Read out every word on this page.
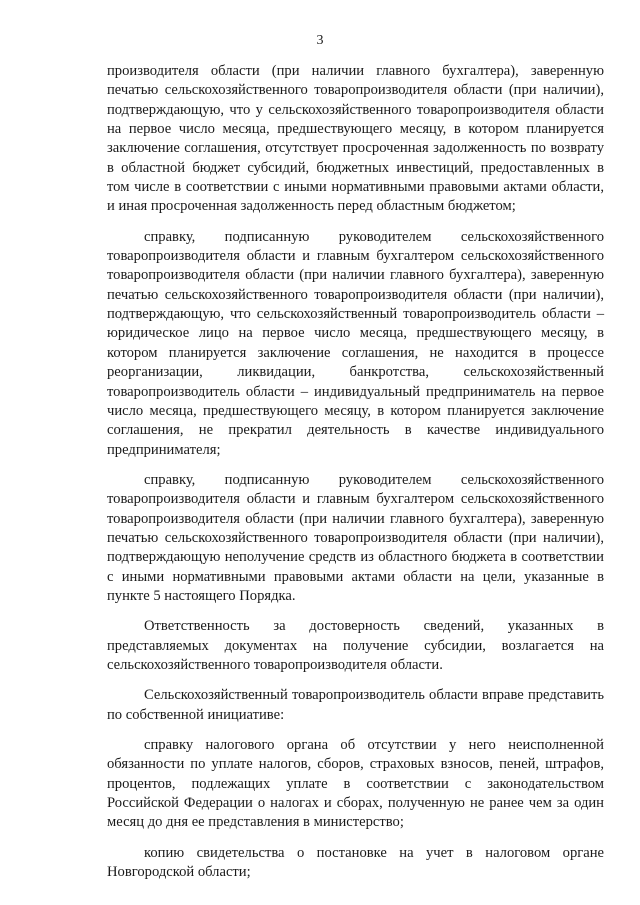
3

производителя области (при наличии главного бухгалтера), заверенную печатью сельскохозяйственного товаропроизводителя области (при наличии), подтверждающую, что у сельскохозяйственного товаропроизводителя области на первое число месяца, предшествующего месяцу, в котором планируется заключение соглашения, отсутствует просроченная задолженность по возврату в областной бюджет субсидий, бюджетных инвестиций, предоставленных в том числе в соответствии с иными нормативными правовыми актами области, и иная просроченная задолженность перед областным бюджетом;

справку, подписанную руководителем сельскохозяйственного товаропроизводителя области и главным бухгалтером сельскохозяйственного товаропроизводителя области (при наличии главного бухгалтера), заверенную печатью сельскохозяйственного товаропроизводителя области (при наличии), подтверждающую, что сельскохозяйственный товаропроизводитель области – юридическое лицо на первое число месяца, предшествующего месяцу, в котором планируется заключение соглашения, не находится в процессе реорганизации, ликвидации, банкротства, сельскохозяйственный товаропроизводитель области – индивидуальный предприниматель на первое число месяца, предшествующего месяцу, в котором планируется заключение соглашения, не прекратил деятельность в качестве индивидуального предпринимателя;

справку, подписанную руководителем сельскохозяйственного товаропроизводителя области и главным бухгалтером сельскохозяйственного товаропроизводителя области (при наличии главного бухгалтера), заверенную печатью сельскохозяйственного товаропроизводителя области (при наличии), подтверждающую неполучение средств из областного бюджета в соответствии с иными нормативными правовыми актами области на цели, указанные в пункте 5 настоящего Порядка.

Ответственность за достоверность сведений, указанных в представляемых документах на получение субсидии, возлагается на сельскохозяйственного товаропроизводителя области.

Сельскохозяйственный товаропроизводитель области вправе представить по собственной инициативе:

справку налогового органа об отсутствии у него неисполненной обязанности по уплате налогов, сборов, страховых взносов, пеней, штрафов, процентов, подлежащих уплате в соответствии с законодательством Российской Федерации о налогах и сборах, полученную не ранее чем за один месяц до дня ее представления в министерство;

копию свидетельства о постановке на учет в налоговом органе Новгородской области;
